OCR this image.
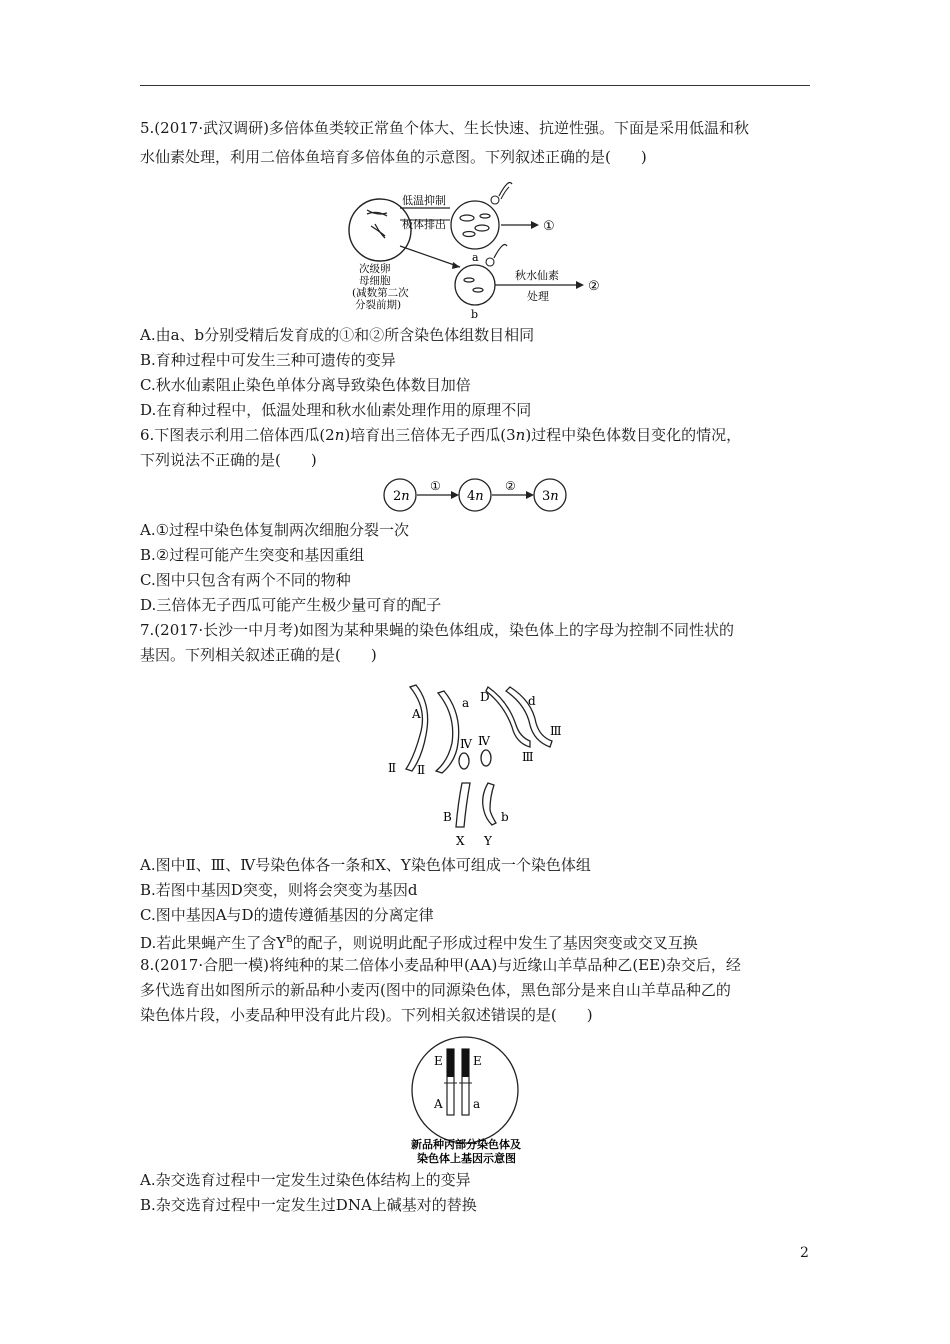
5.(2017·武汉调研)多倍体鱼类较正常鱼个体大、生长快速、抗逆性强。下面是采用低温和秋
水仙素处理，利用二倍体鱼培育多倍体鱼的示意图。下列叙述正确的是(　　)
低温抑制
极体排出
a
①
次级卵
母细胞
(减数第二次
分裂前期)
b
秋水仙素
处理
②
A.由a、b分别受精后发育成的①和②所含染色体组数目相同
B.育种过程中可发生三种可遗传的变异
C.秋水仙素阻止染色单体分离导致染色体数目加倍
D.在育种过程中，低温处理和秋水仙素处理作用的原理不同
6.下图表示利用二倍体西瓜(2n)培育出三倍体无子西瓜(3n)过程中染色体数目变化的情况，
下列说法不正确的是(　　)
2n
①
4n
②
3n
A.①过程中染色体复制两次细胞分裂一次
B.②过程可能产生突变和基因重组
C.图中只包含有两个不同的物种
D.三倍体无子西瓜可能产生极少量可育的配子
7.(2017·长沙一中月考)如图为某种果蝇的染色体组成，染色体上的字母为控制不同性状的
基因。下列相关叙述正确的是(　　)
A
a D	d
Ⅱ Ⅱ
Ⅲ
Ⅲ
Ⅳ Ⅳ
B	b
X Y
A.图中Ⅱ、Ⅲ、Ⅳ号染色体各一条和X、Y染色体可组成一个染色体组
B.若图中基因D突变，则将会突变为基因d
C.图中基因A与D的遗传遵循基因的分离定律
D.若此果蝇产生了含$Y^B$的配子，则说明此配子形成过程中发生了基因突变或交叉互换
8.(2017·合肥一模)将纯种的某二倍体小麦品种甲(AA)与近缘山羊草品种乙(EE)杂交后，经
多代选育出如图所示的新品种小麦丙(图中的同源染色体，黑色部分是来自山羊草品种乙的
染色体片段，小麦品种甲没有此片段)。下列相关叙述错误的是(　　)
E	E
A	a
新品种丙部分染色体及
染色体上基因示意图
A.杂交选育过程中一定发生过染色体结构上的变异
B.杂交选育过程中一定发生过DNA上碱基对的替换
2
